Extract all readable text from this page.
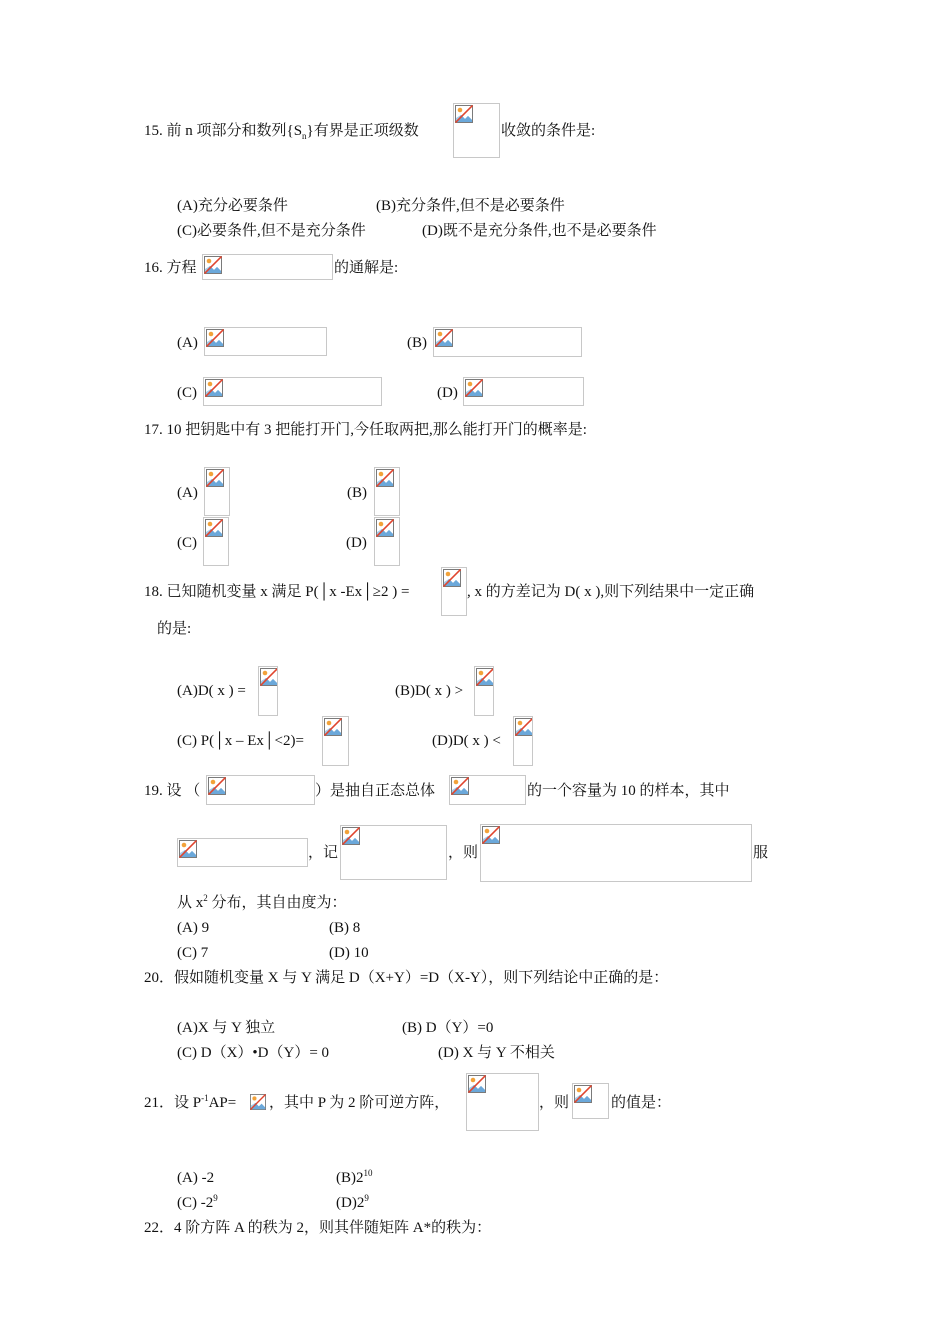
15. 前 n 项部分和数列$\{S_n\}$有界是正项级数	收敛的条件是:
(A)充分必要条件	(B)充分条件,但不是必要条件
(C)必要条件,但不是充分条件	(D)既不是充分条件,也不是必要条件
16. 方程	的通解是:
(A)	(B)
(C)	(D)
17. 10 把钥匙中有 3 把能打开门,今任取两把,那么能打开门的概率是:
(A)	(B)
(C)	(D)
18. 已知随机变量 x 满足 P(│x -Ex│≥2 ) =	, x 的方差记为 D( x ),则下列结果中一定正确
的是:
(A)D( x ) =	(B)D( x ) >
(C) P(│x – Ex│<2)=	(D)D( x ) <
19. 设 （	）是抽自正态总体	的一个容量为 10 的样本，其中
，记	，则	服
从 $x^2$ 分布，其自由度为：
(A) 9	(B) 8
(C) 7	(D) 10
20．假如随机变量 X 与 Y 满足 D（X+Y）=D（X-Y），则下列结论中正确的是：
(A)X 与 Y 独立	(B) D（Y）=0
(C) D（X）•D（Y）= 0	(D) X 与 Y 不相关
21．设 $P^{-1}AP=$ ，其中 P 为 2 阶可逆方阵，	，则	的值是：
(A) -2	$(B)2^{10}$
(C) $-2^9$	$(D)2^9$
22．4 阶方阵 A 的秩为 2，则其伴随矩阵 A*的秩为：
